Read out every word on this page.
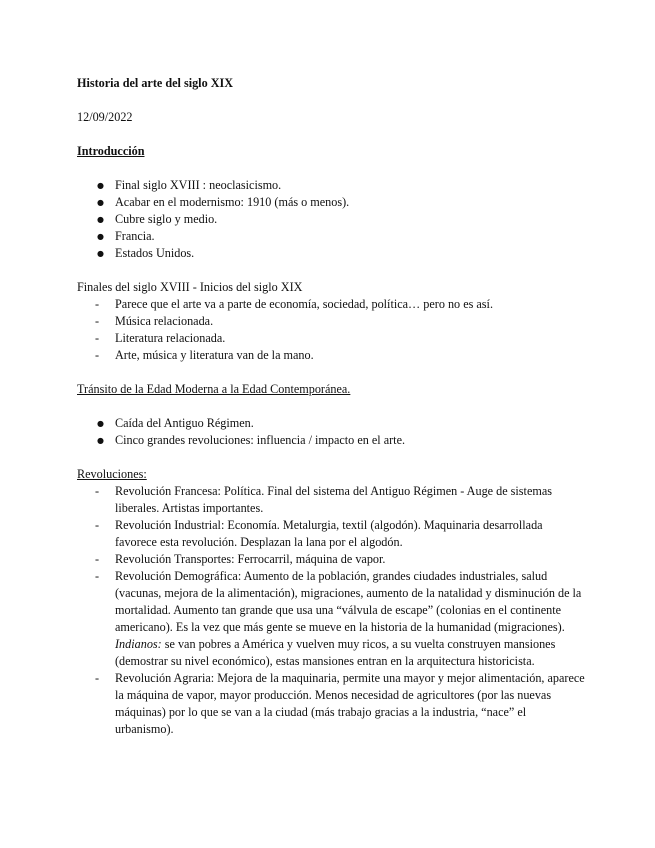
Historia del arte del siglo XIX

12/09/2022

Introducción

● Final siglo XVIII : neoclasicismo.
● Acabar en el modernismo: 1910 (más o menos).
● Cubre siglo y medio.
● Francia.
● Estados Unidos.

Finales del siglo XVIII - Inicios del siglo XIX

- Parece que el arte va a parte de economía, sociedad, política… pero no es así.
- Música relacionada.
- Literatura relacionada.
- Arte, música y literatura van de la mano.

Tránsito de la Edad Moderna a la Edad Contemporánea.

● Caída del Antiguo Régimen.
● Cinco grandes revoluciones: influencia / impacto en el arte.

Revoluciones:

- Revolución Francesa: Política. Final del sistema del Antiguo Régimen - Auge de sistemas liberales. Artistas importantes.
- Revolución Industrial: Economía. Metalurgia, textil (algodón). Maquinaria desarrollada favorece esta revolución. Desplazan la lana por el algodón.
- Revolución Transportes: Ferrocarril, máquina de vapor.
- Revolución Demográfica: Aumento de la población, grandes ciudades industriales, salud (vacunas, mejora de la alimentación), migraciones, aumento de la natalidad y disminución de la mortalidad. Aumento tan grande que usa una “válvula de escape” (colonias en el continente americano). Es la vez que más gente se mueve en la historia de la humanidad (migraciones). Indianos: se van pobres a América y vuelven muy ricos, a su vuelta construyen mansiones (demostrar su nivel económico), estas mansiones entran en la arquitectura historicista.
- Revolución Agraria: Mejora de la maquinaria, permite una mayor y mejor alimentación, aparece la máquina de vapor, mayor producción. Menos necesidad de agricultores (por las nuevas máquinas) por lo que se van a la ciudad (más trabajo gracias a la industria, “nace” el urbanismo).
